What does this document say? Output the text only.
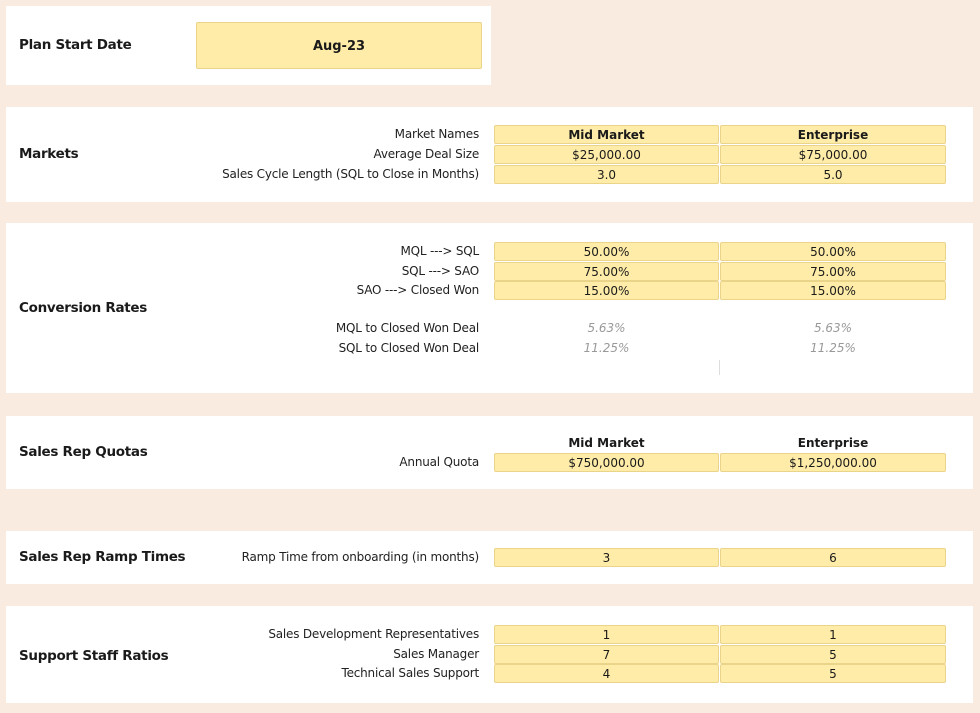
Plan Start Date	Aug-23
Markets
Market Names	Mid Market	Enterprise
Average Deal Size	$25,000.00	$75,000.00
Sales Cycle Length (SQL to Close in Months)	3.0	5.0
Conversion Rates
MQL ---> SQL	50.00%	50.00%
SQL ---> SAO	75.00%	75.00%
SAO ---> Closed Won	15.00%	15.00%
MQL to Closed Won Deal	5.63%	5.63%
SQL to Closed Won Deal	11.25%	11.25%
Sales Rep Quotas
Mid Market	Enterprise
Annual Quota	$750,000.00	$1,250,000.00
Sales Rep Ramp Times	Ramp Time from onboarding (in months)	3	6
Support Staff Ratios
Sales Development Representatives	1	1
Sales Manager	7	5
Technical Sales Support	4	5
